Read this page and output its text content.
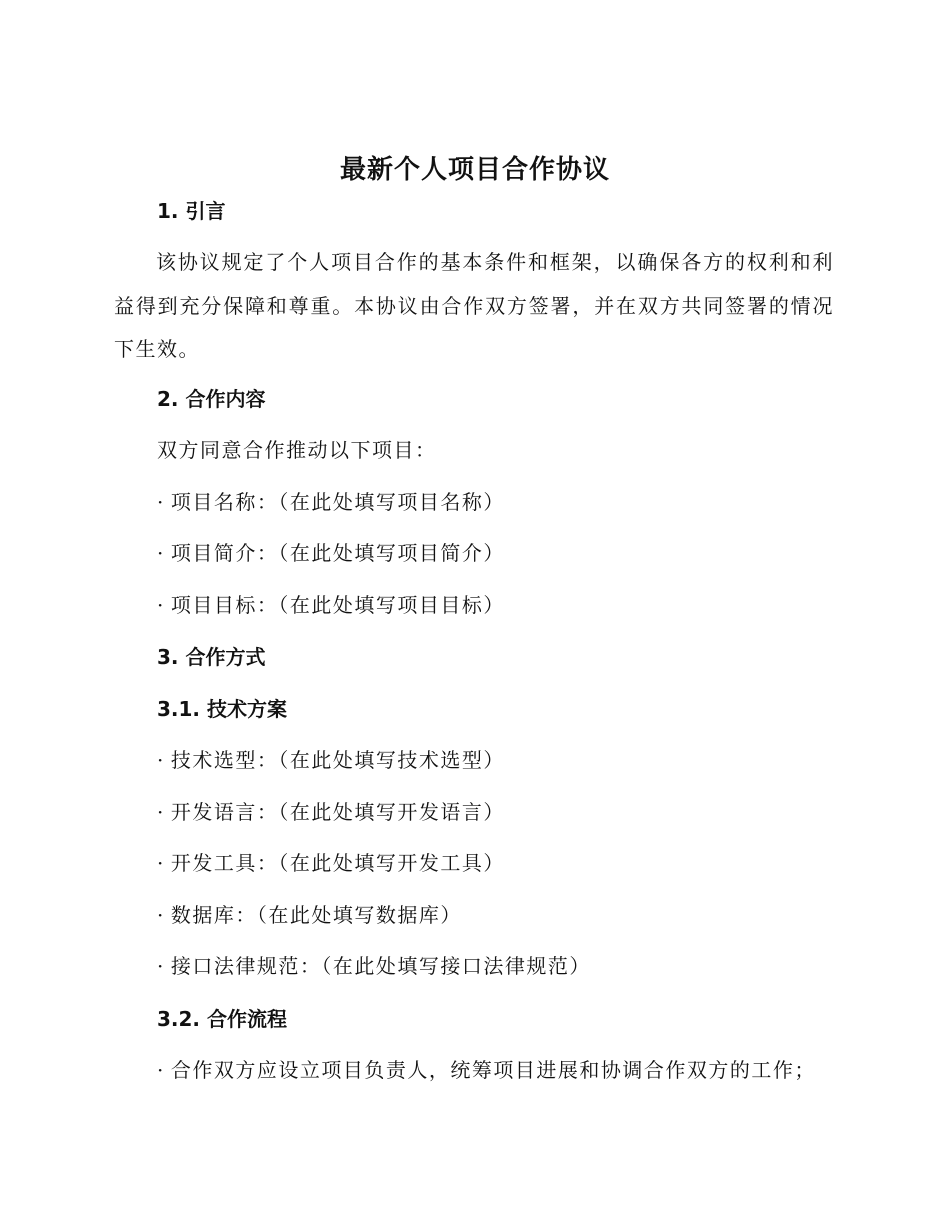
最新个人项目合作协议
1. 引言
该协议规定了个人项目合作的基本条件和框架，以确保各方的权利和利益得到充分保障和尊重。本协议由合作双方签署，并在双方共同签署的情况下生效。
2. 合作内容
双方同意合作推动以下项目：
· 项目名称：（在此处填写项目名称）
· 项目简介：（在此处填写项目简介）
· 项目目标：（在此处填写项目目标）
3. 合作方式
3.1. 技术方案
· 技术选型：（在此处填写技术选型）
· 开发语言：（在此处填写开发语言）
· 开发工具：（在此处填写开发工具）
· 数据库：（在此处填写数据库）
· 接口法律规范：（在此处填写接口法律规范）
3.2. 合作流程
· 合作双方应设立项目负责人，统筹项目进展和协调合作双方的工作；
